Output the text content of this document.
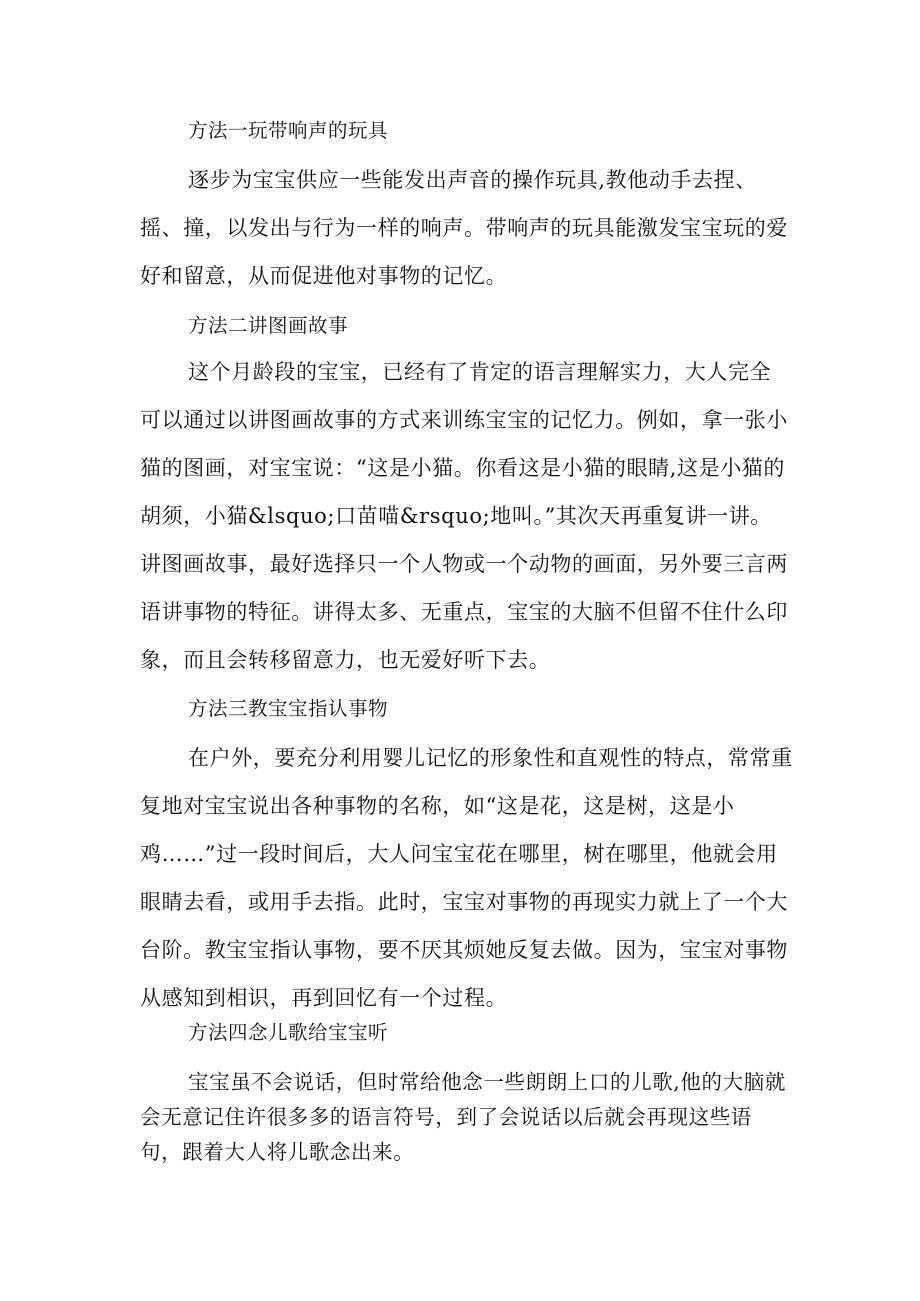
方法一玩带响声的玩具

逐步为宝宝供应一些能发出声音的操作玩具,教他动手去捏、摇、撞，以发出与行为一样的响声。带响声的玩具能激发宝宝玩的爱好和留意，从而促进他对事物的记忆。

方法二讲图画故事

这个月龄段的宝宝，已经有了肯定的语言理解实力，大人完全可以通过以讲图画故事的方式来训练宝宝的记忆力。例如，拿一张小猫的图画，对宝宝说：“这是小猫。你看这是小猫的眼睛,这是小猫的胡须，小猫&lsquo;口苗喵&rsquo;地叫。”其次天再重复讲一讲。讲图画故事，最好选择只一个人物或一个动物的画面，另外要三言两语讲事物的特征。讲得太多、无重点，宝宝的大脑不但留不住什么印象，而且会转移留意力，也无爱好听下去。

方法三教宝宝指认事物

在户外，要充分利用婴儿记忆的形象性和直观性的特点，常常重
复地对宝宝说出各种事物的名称，如“这是花，这是树，这是小
鸡……”过一段时间后，大人问宝宝花在哪里，树在哪里，他就会用
眼睛去看，或用手去指。此时，宝宝对事物的再现实力就上了一个大
台阶。教宝宝指认事物，要不厌其烦她反复去做。因为，宝宝对事物
从感知到相识，再到回忆有一个过程。

方法四念儿歌给宝宝听

宝宝虽不会说话，但时常给他念一些朗朗上口的儿歌,他的大脑就会无意记住许很多多的语言符号，到了会说话以后就会再现这些语句，跟着大人将儿歌念出来。
